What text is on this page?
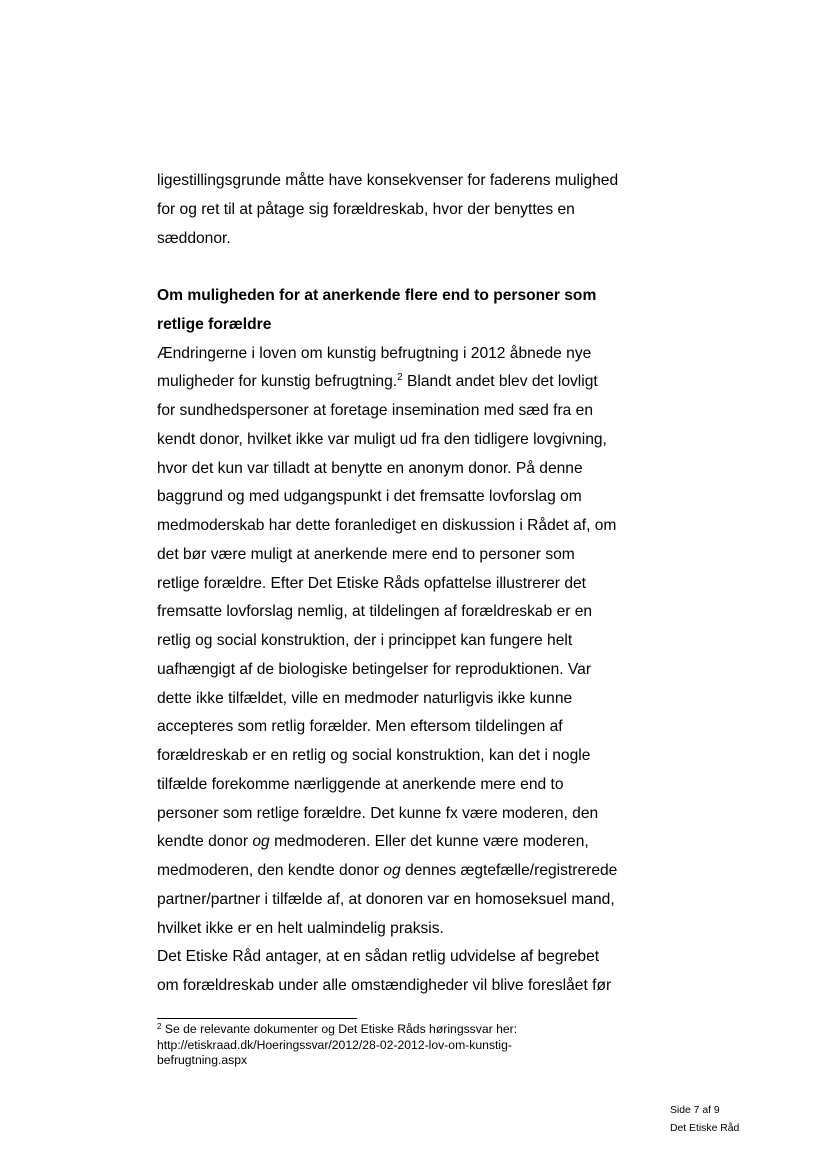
ligestillingsgrunde måtte have konsekvenser for faderens mulighed
for og ret til at påtage sig forældreskab, hvor der benyttes en
sæddonor.
Om muligheden for at anerkende flere end to personer som
retlige forældre
Ændringerne i loven om kunstig befrugtning i 2012 åbnede nye
muligheder for kunstig befrugtning.$^2$ Blandt andet blev det lovligt
for sundhedspersoner at foretage insemination med sæd fra en
kendt donor, hvilket ikke var muligt ud fra den tidligere lovgivning,
hvor det kun var tilladt at benytte en anonym donor. På denne
baggrund og med udgangspunkt i det fremsatte lovforslag om
medmoderskab har dette foranlediget en diskussion i Rådet af, om
det bør være muligt at anerkende mere end to personer som
retlige forældre. Efter Det Etiske Råds opfattelse illustrerer det
fremsatte lovforslag nemlig, at tildelingen af forældreskab er en
retlig og social konstruktion, der i princippet kan fungere helt
uafhængigt af de biologiske betingelser for reproduktionen. Var
dette ikke tilfældet, ville en medmoder naturligvis ikke kunne
accepteres som retlig forælder. Men eftersom tildelingen af
forældreskab er en retlig og social konstruktion, kan det i nogle
tilfælde forekomme nærliggende at anerkende mere end to
personer som retlige forældre. Det kunne fx være moderen, den
kendte donor og medmoderen. Eller det kunne være moderen,
medmoderen, den kendte donor og dennes ægtefælle/registrerede
partner/partner i tilfælde af, at donoren var en homoseksuel mand,
hvilket ikke er en helt ualmindelig praksis.
Det Etiske Råd antager, at en sådan retlig udvidelse af begrebet
om forældreskab under alle omstændigheder vil blive foreslået før
$^2$ Se de relevante dokumenter og Det Etiske Råds høringssvar her:
http://etiskraad.dk/Hoeringssvar/2012/28-02-2012-lov-om-kunstig-
befrugtning.aspx
Side 7 af 9
Det Etiske Råd
